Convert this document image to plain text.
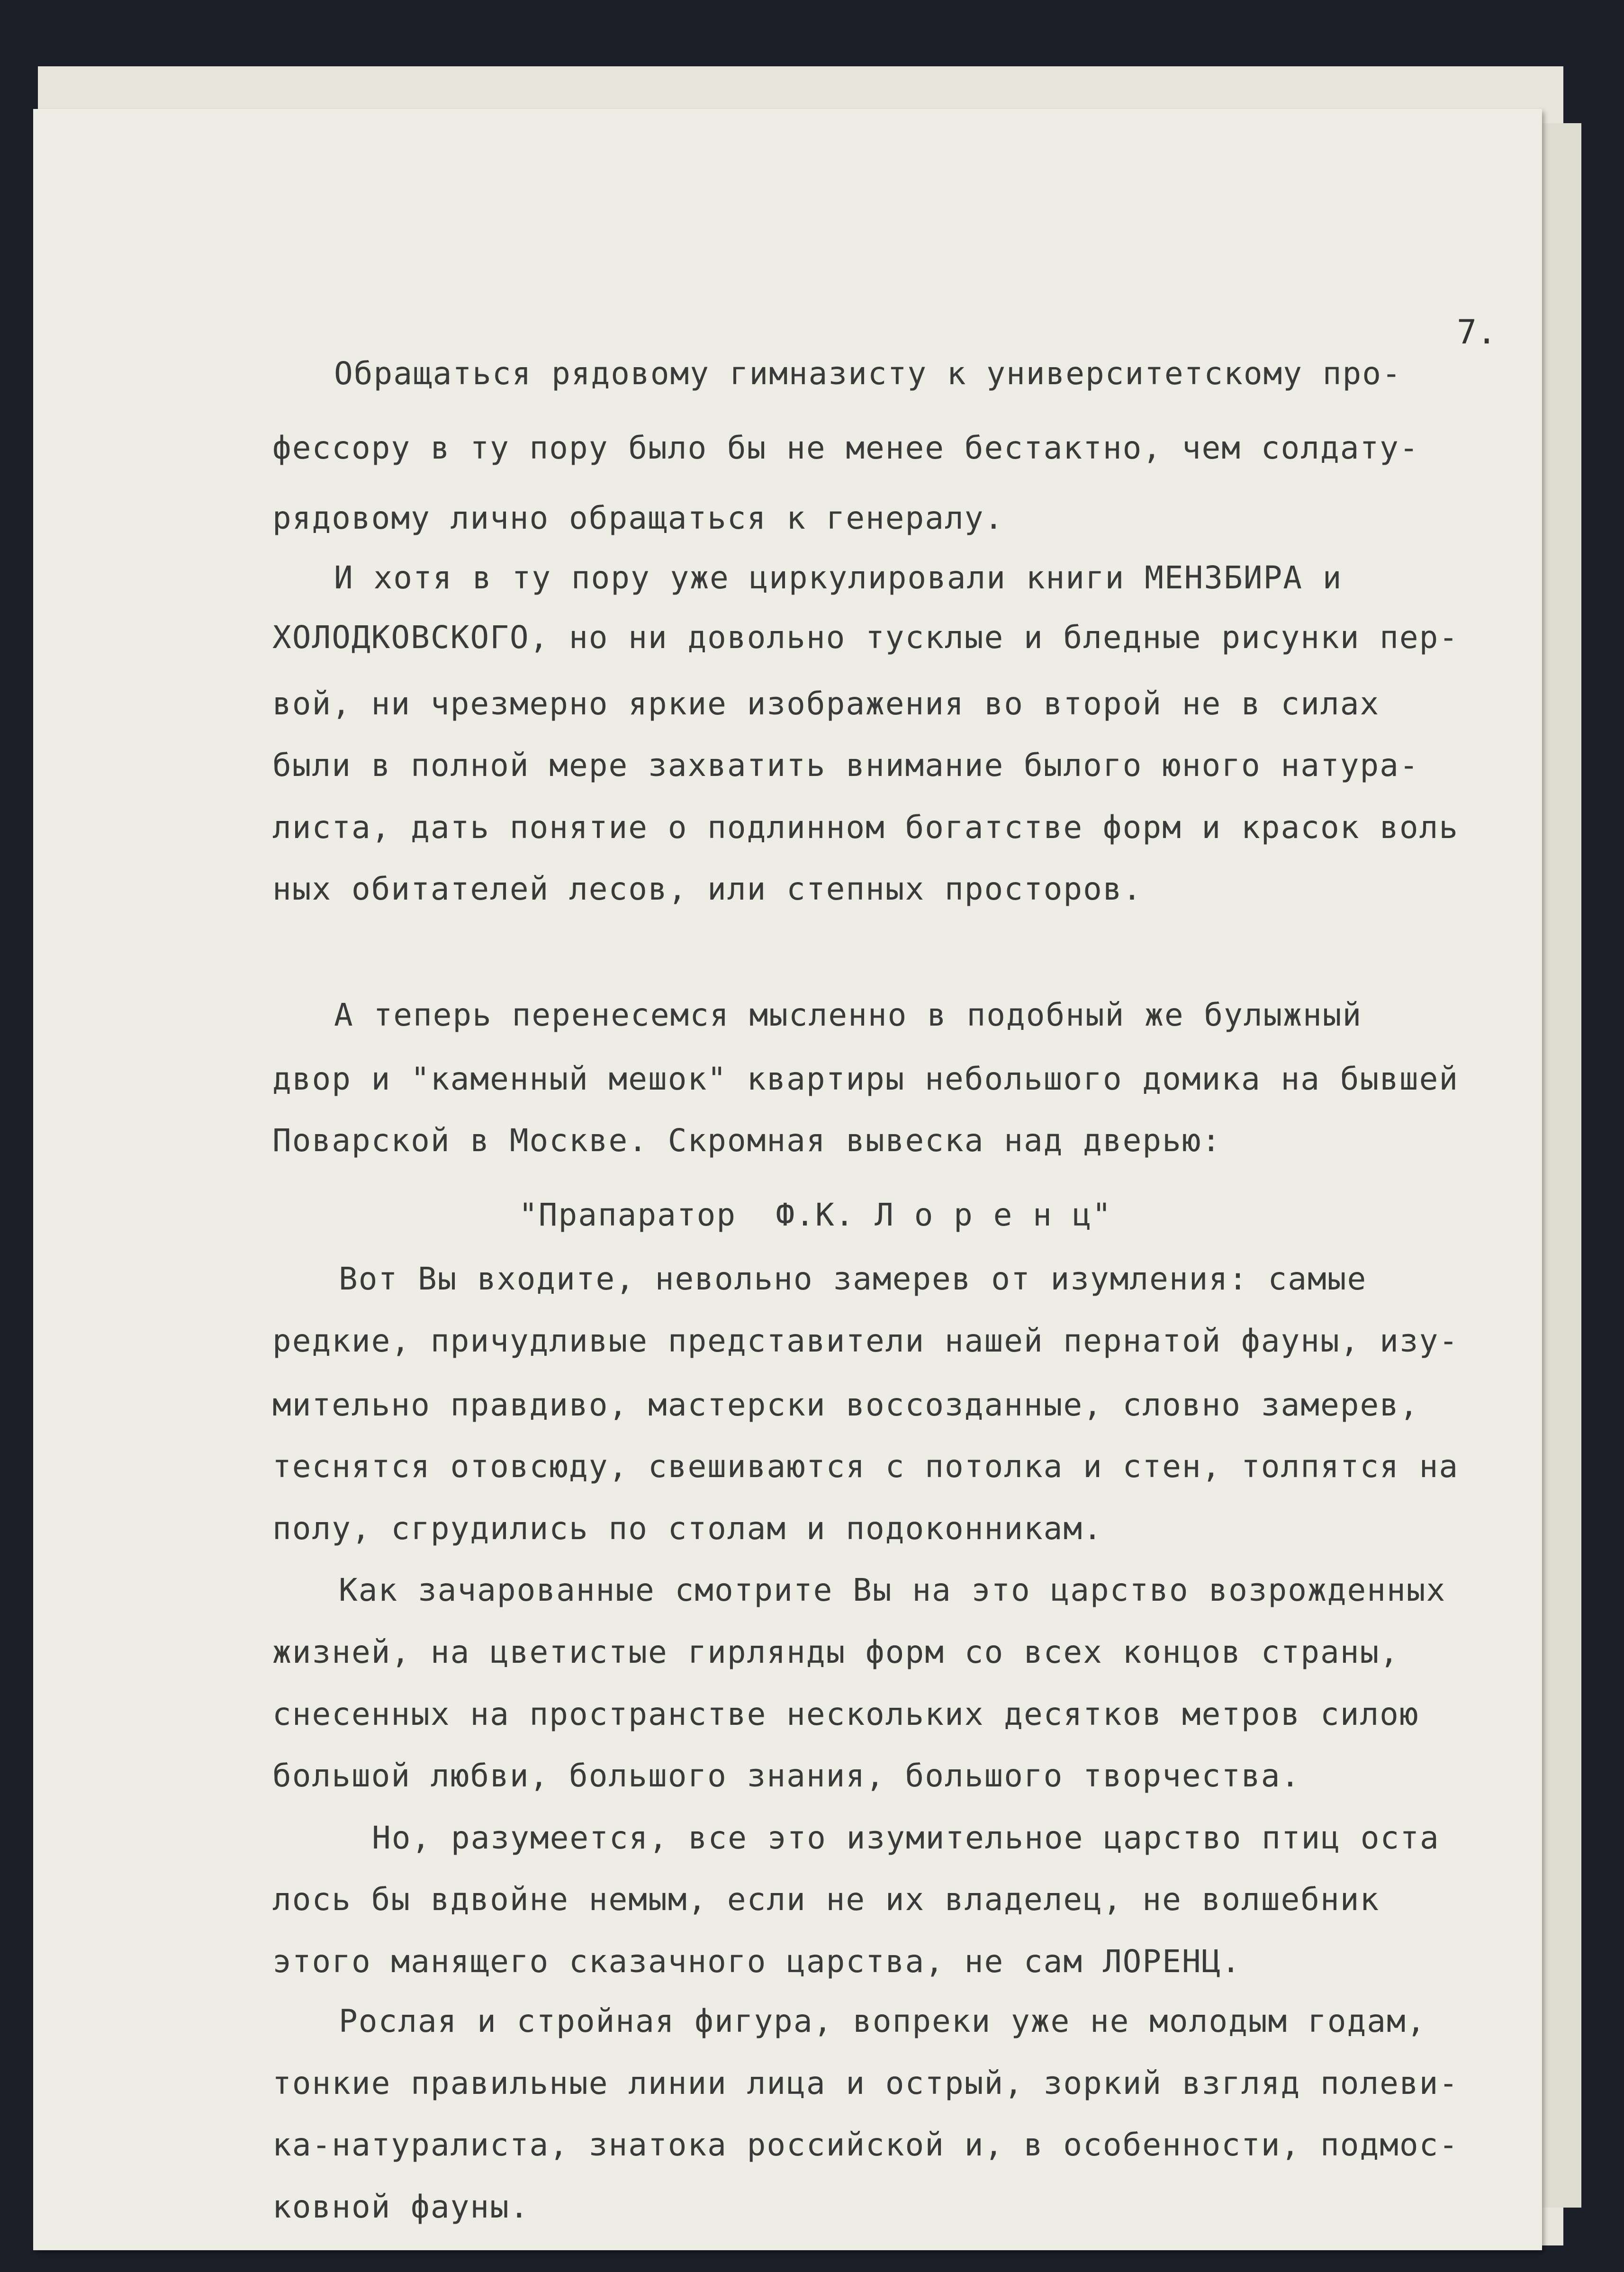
7.
Обращаться рядовому гимназисту к университетскому про-
фессору в ту пору было бы не менее бестактно, чем солдату-
рядовому лично обращаться к генералу.
И хотя в ту пору уже циркулировали книги МЕНЗБИРА и
ХОЛОДКОВСКОГО, но ни довольно тусклые и бледные рисунки пер-
вой, ни чрезмерно яркие изображения во второй не в силах
были в полной мере захватить внимание былого юного натура-
листа, дать понятие о подлинном богатстве форм и красок воль
ных обитателей лесов, или степных просторов.
А теперь перенесемся мысленно в подобный же булыжный
двор и "каменный мешок" квартиры небольшого домика на бывшей
Поварской в Москве. Скромная вывеска над дверью:
"Прапаратор  Ф.К. Л о р е н ц"
Вот Вы входите, невольно замерев от изумления: самые
редкие, причудливые представители нашей пернатой фауны, изу-
мительно правдиво, мастерски воссозданные, словно замерев,
теснятся отовсюду, свешиваются с потолка и стен, толпятся на
полу, сгрудились по столам и подоконникам.
Как зачарованные смотрите Вы на это царство возрожденных
жизней, на цветистые гирлянды форм со всех концов страны,
снесенных на пространстве нескольких десятков метров силою
большой любви, большого знания, большого творчества.
Но, разумеется, все это изумительное царство птиц оста
лось бы вдвойне немым, если не их владелец, не волшебник
этого манящего сказачного царства, не сам ЛОРЕНЦ.
Рослая и стройная фигура, вопреки уже не молодым годам,
тонкие правильные линии лица и острый, зоркий взгляд полеви-
ка-натуралиста, знатока российской и, в особенности, подмос-
ковной фауны.
